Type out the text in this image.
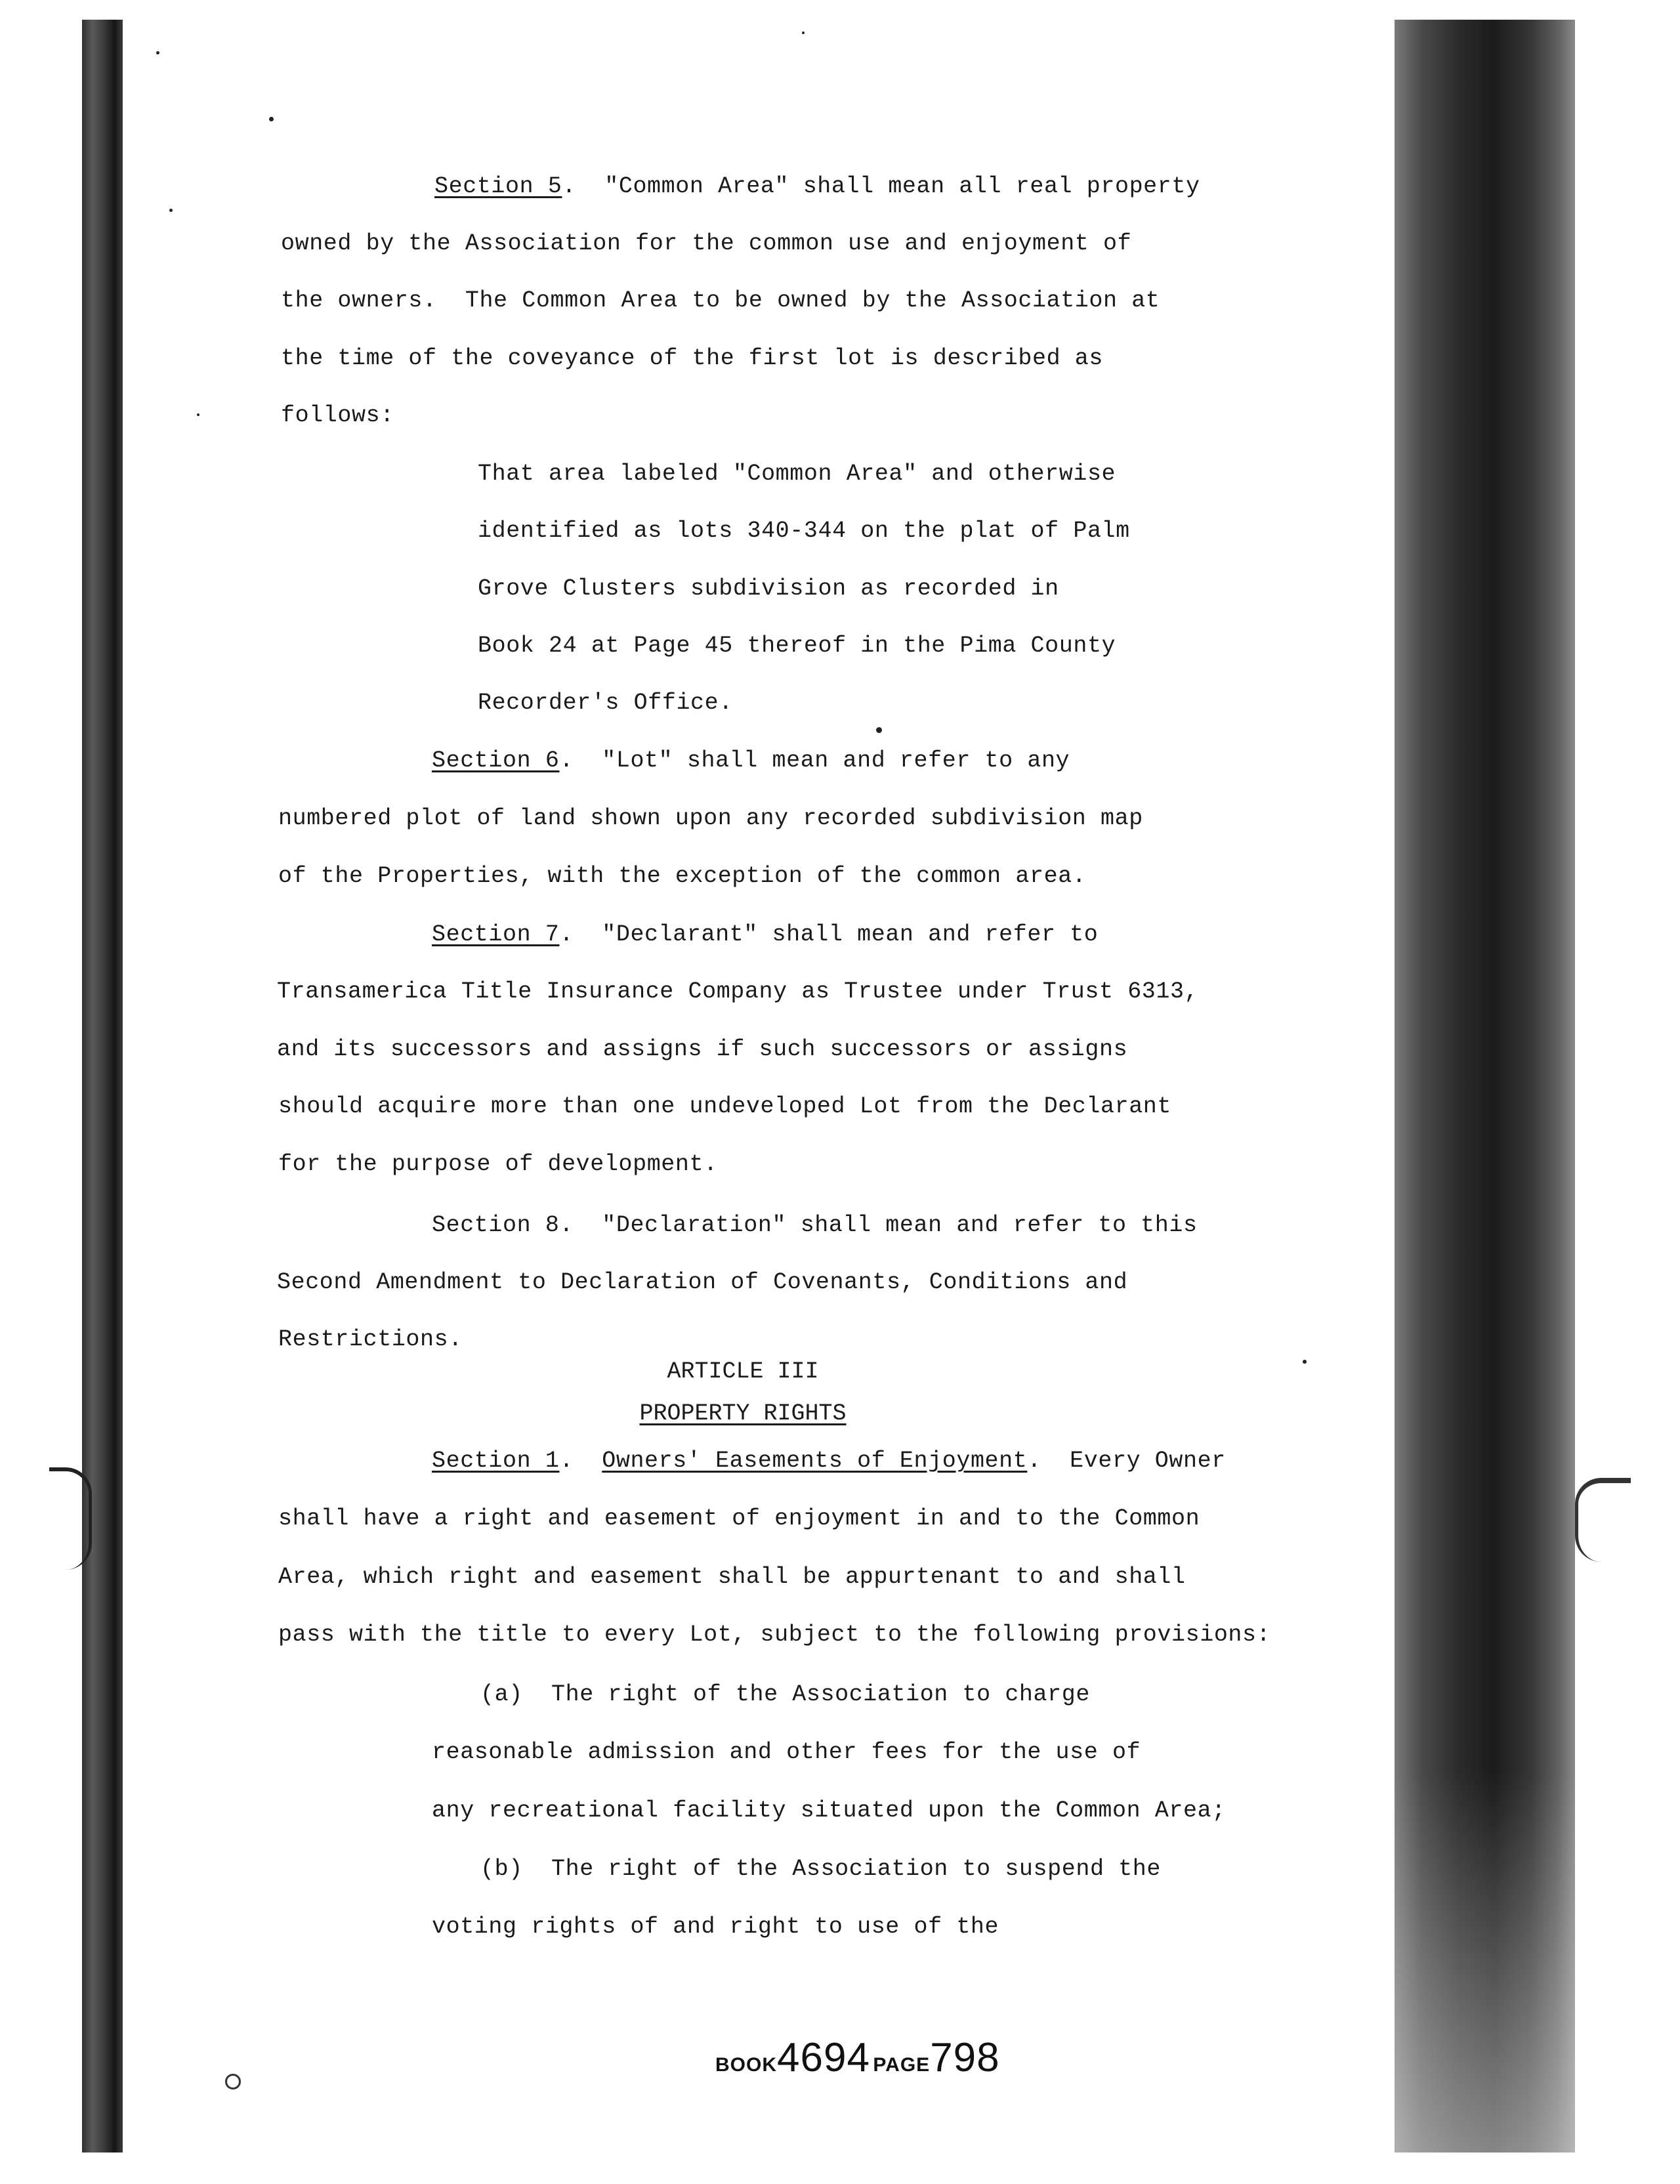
Section 5.  "Common Area" shall mean all real property
owned by the Association for the common use and enjoyment of
the owners.  The Common Area to be owned by the Association at
the time of the coveyance of the first lot is described as
follows:
That area labeled "Common Area" and otherwise
identified as lots 340-344 on the plat of Palm
Grove Clusters subdivision as recorded in
Book 24 at Page 45 thereof in the Pima County
Recorder's Office.
Section 6.  "Lot" shall mean and refer to any
numbered plot of land shown upon any recorded subdivision map
of the Properties, with the exception of the common area.
Section 7.  "Declarant" shall mean and refer to
Transamerica Title Insurance Company as Trustee under Trust 6313,
and its successors and assigns if such successors or assigns
should acquire more than one undeveloped Lot from the Declarant
for the purpose of development.
Section 8.  "Declaration" shall mean and refer to this
Second Amendment to Declaration of Covenants, Conditions and
Restrictions.
ARTICLE III
PROPERTY RIGHTS
Section 1.  Owners' Easements of Enjoyment.  Every Owner
shall have a right and easement of enjoyment in and to the Common
Area, which right and easement shall be appurtenant to and shall
pass with the title to every Lot, subject to the following provisions:
(a)  The right of the Association to charge
reasonable admission and other fees for the use of
any recreational facility situated upon the Common Area;
(b)  The right of the Association to suspend the
voting rights of and right to use of the
BOOK4694 PAGE798
